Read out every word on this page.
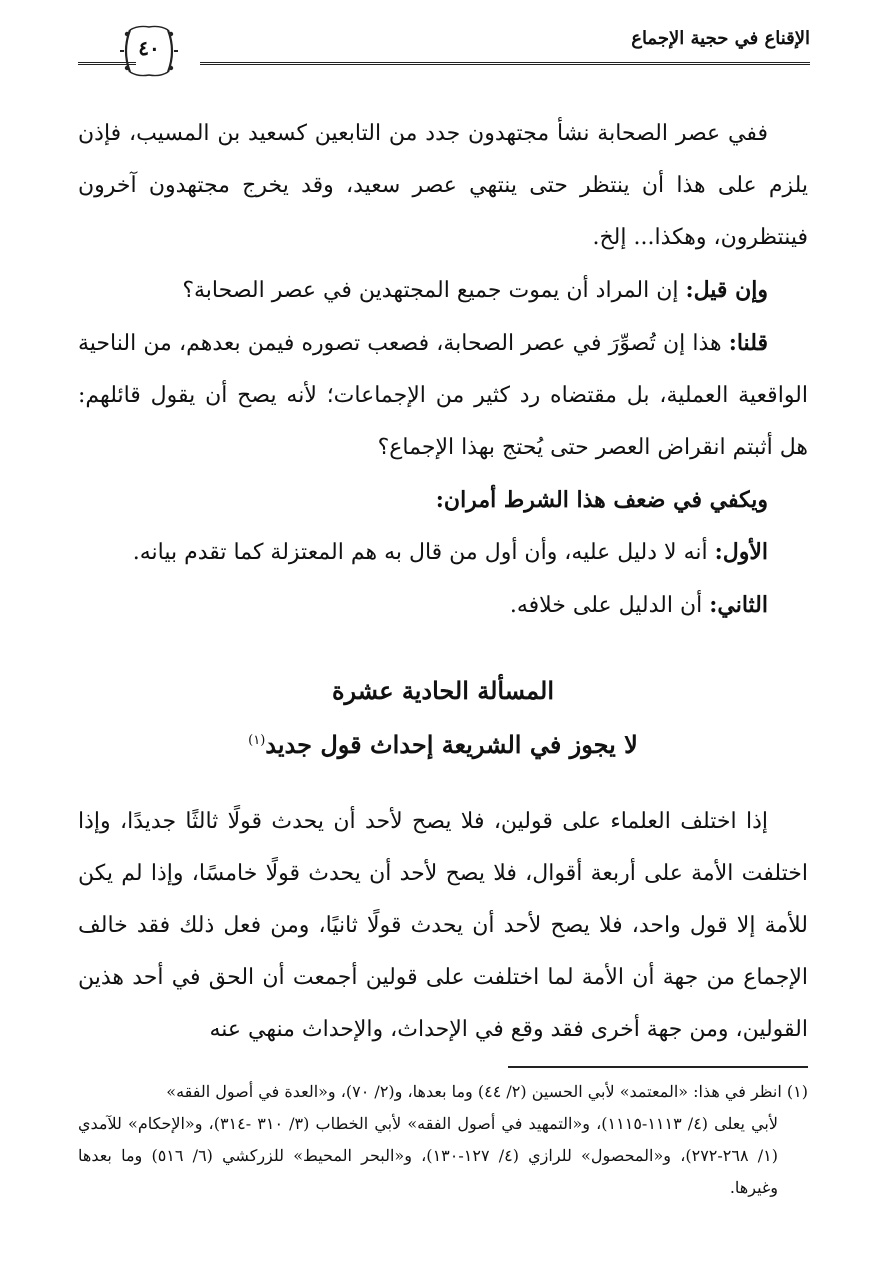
الإقناع في حجية الإجماع
٤٠

ففي عصر الصحابة نشأ مجتهدون جدد من التابعين كسعيد بن المسيب، فإذن يلزم على هذا أن ينتظر حتى ينتهي عصر سعيد، وقد يخرج مجتهدون آخرون فينتظرون، وهكذا... إلخ.

وإن قيل: إن المراد أن يموت جميع المجتهدين في عصر الصحابة؟

قلنا: هذا إن تُصوِّرَ في عصر الصحابة، فصعب تصوره فيمن بعدهم، من الناحية الواقعية العملية، بل مقتضاه رد كثير من الإجماعات؛ لأنه يصح أن يقول قائلهم: هل أثبتم انقراض العصر حتى يُحتج بهذا الإجماع؟

ويكفي في ضعف هذا الشرط أمران:

الأول: أنه لا دليل عليه، وأن أول من قال به هم المعتزلة كما تقدم بيانه.

الثاني: أن الدليل على خلافه.

المسألة الحادية عشرة
لا يجوز في الشريعة إحداث قول جديد$^{(١)}$

إذا اختلف العلماء على قولين، فلا يصح لأحد أن يحدث قولًا ثالثًا جديدًا، وإذا اختلفت الأمة على أربعة أقوال، فلا يصح لأحد أن يحدث قولًا خامسًا، وإذا لم يكن للأمة إلا قول واحد، فلا يصح لأحد أن يحدث قولًا ثانيًا، ومن فعل ذلك فقد خالف الإجماع من جهة أن الأمة لما اختلفت على قولين أجمعت أن الحق في أحد هذين القولين، ومن جهة أخرى فقد وقع في الإحداث، والإحداث منهي عنه

(١) انظر في هذا: «المعتمد» لأبي الحسين (٢/ ٤٤) وما بعدها، و(٢/ ٧٠)، و«العدة في أصول الفقه»
لأبي يعلى (٤/ ١١١٣-١١١٥)، و«التمهيد في أصول الفقه» لأبي الخطاب (٣/ ٣١٠ -٣١٤)، و«الإحكام» للآمدي (١/ ٢٦٨-٢٧٢)، و«المحصول» للرازي (٤/ ١٢٧-١٣٠)، و«البحر المحيط» للزركشي (٦/ ٥١٦) وما بعدها وغيرها.
